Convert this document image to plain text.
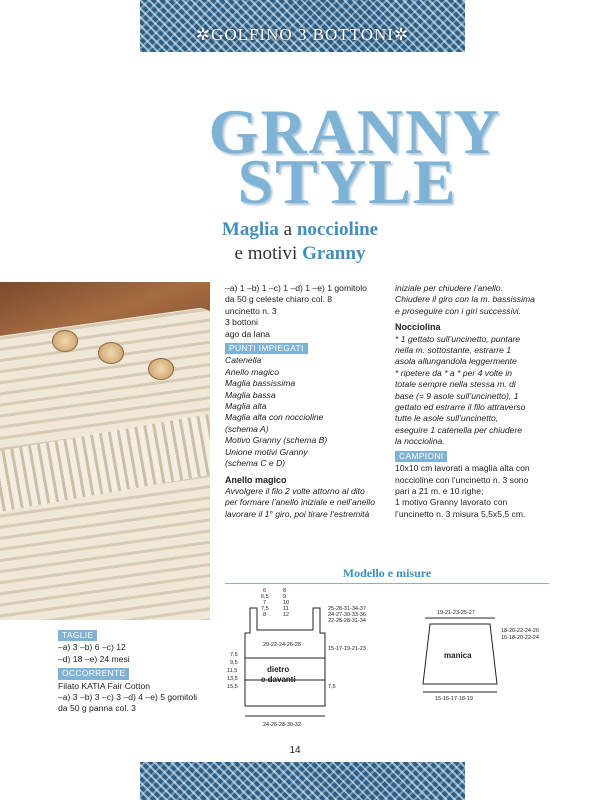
✲GOLFINO 3 BOTTONI✲
GRANNY
STYLE
Maglia a noccioline
e motivi Granny
–a) 1 –b) 1 –c) 1 –d) 1 –e) 1 gomitolo
da 50 g celeste chiaro col. 8
uncinetto n. 3
3 bottoni
ago da lana
PUNTI IMPIEGATI
Catenella
Anello magico
Maglia bassissima
Maglia bassa
Maglia alta
Maglia alta con noccioline
(schema A)
Motivo Granny (schema B)
Unione motivi Granny
(schema C e D)
Anello magico
Avvolgere il filo 2 volte attorno al dito
per formare l’anello iniziale e nell’anello
lavorare il 1° giro, poi tirare l’estremità
iniziale per chiudere l’anello.
Chiudere il giro con la m. bassissima
e proseguire con i giri successivi.
Nocciolina
* 1 gettato sull’uncinetto, puntare
nella m. sottostante, estrarre 1
asola allungandola leggermente
* ripetere da * a * per 4 volte in
totale sempre nella stessa m. di
base (= 9 asole sull’uncinetto), 1
gettato ed estrarre il filo attraverso
tutte le asole sull’uncinetto,
eseguire 1 catenella per chiudere
la nocciolina.
CAMPIONI
10x10 cm lavorati a maglia alta con
noccioline con l’uncinetto n. 3 sono
pari a 21 m. e 10 righe;
1 motivo Granny lavorato con
l’uncinetto n. 3 misura 5,5x5,5 cm.
TAGLIE
–a) 3 –b) 6 –c) 12
–d) 18 –e) 24 mesi
OCCORRENTE
Filato KATIA Fair Cotton
–a) 3 –b) 3 –c) 3 –d) 4 –e) 5 gomitoli
da 50 g panna col. 3
Modello e misure
6
6,5
7
7,5
8
8
9
10
11
12
25-28-31-34-37
24-27-30-33-36
22-25-28-31-34
20-22-24-26-28
15-17-19-21-23
7,5
9,5
11,5
13,5
15,5	7,5
24-26-28-30-32
19-21-23-25-27
18-20-22-24-26
16-18-20-22-24
15-16-17-18-19
dietro
e davanti
manica
14
PassionForum.ru
